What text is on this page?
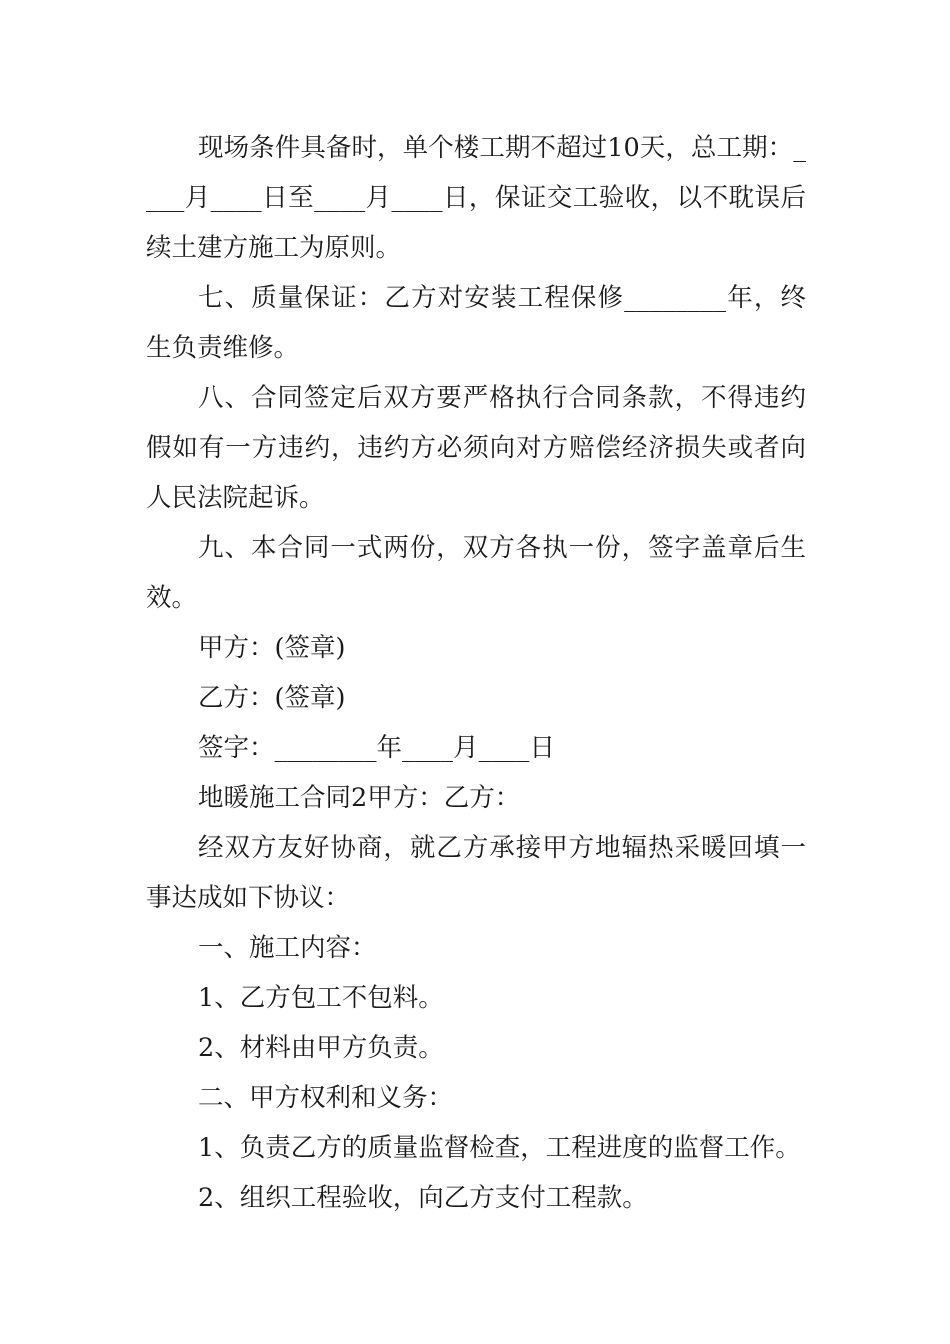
现场条件具备时，单个楼工期不超过10天，总工期：____月____日至____月____日，保证交工验收，以不耽误后续土建方施工为原则。

七、质量保证：乙方对安装工程保修________年，终生负责维修。

八、合同签定后双方要严格执行合同条款，不得违约假如有一方违约，违约方必须向对方赔偿经济损失或者向人民法院起诉。

九、本合同一式两份，双方各执一份，签字盖章后生效。

甲方：(签章)

乙方：(签章)

签字：________年____月____日

地暖施工合同2甲方：乙方：

经双方友好协商，就乙方承接甲方地辐热采暖回填一事达成如下协议：

一、施工内容：

1、乙方包工不包料。

2、材料由甲方负责。

二、甲方权利和义务：

1、负责乙方的质量监督检查，工程进度的监督工作。

2、组织工程验收，向乙方支付工程款。
